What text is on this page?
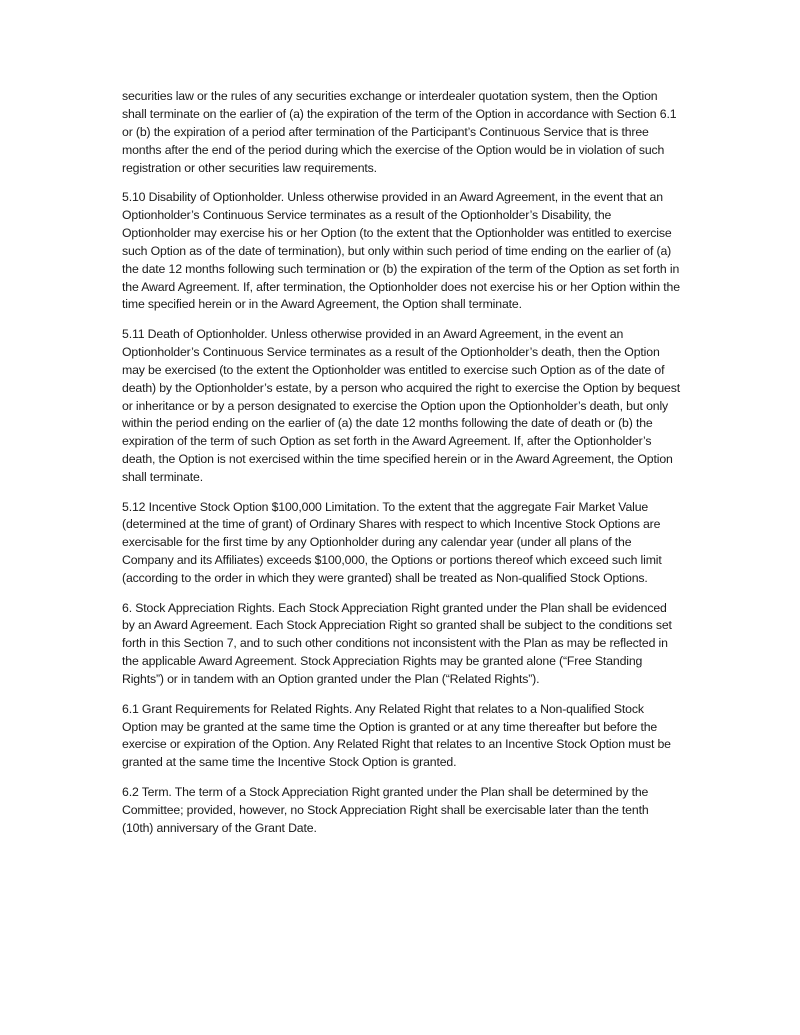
securities law or the rules of any securities exchange or interdealer quotation system, then the Option shall terminate on the earlier of (a) the expiration of the term of the Option in accordance with Section 6.1 or (b) the expiration of a period after termination of the Participant’s Continuous Service that is three months after the end of the period during which the exercise of the Option would be in violation of such registration or other securities law requirements.

5.10 Disability of Optionholder. Unless otherwise provided in an Award Agreement, in the event that an Optionholder’s Continuous Service terminates as a result of the Optionholder’s Disability, the Optionholder may exercise his or her Option (to the extent that the Optionholder was entitled to exercise such Option as of the date of termination), but only within such period of time ending on the earlier of (a) the date 12 months following such termination or (b) the expiration of the term of the Option as set forth in the Award Agreement. If, after termination, the Optionholder does not exercise his or her Option within the time specified herein or in the Award Agreement, the Option shall terminate.

5.11 Death of Optionholder. Unless otherwise provided in an Award Agreement, in the event an Optionholder’s Continuous Service terminates as a result of the Optionholder’s death, then the Option may be exercised (to the extent the Optionholder was entitled to exercise such Option as of the date of death) by the Optionholder’s estate, by a person who acquired the right to exercise the Option by bequest or inheritance or by a person designated to exercise the Option upon the Optionholder’s death, but only within the period ending on the earlier of (a) the date 12 months following the date of death or (b) the expiration of the term of such Option as set forth in the Award Agreement. If, after the Optionholder’s death, the Option is not exercised within the time specified herein or in the Award Agreement, the Option shall terminate.

5.12 Incentive Stock Option $100,000 Limitation. To the extent that the aggregate Fair Market Value (determined at the time of grant) of Ordinary Shares with respect to which Incentive Stock Options are exercisable for the first time by any Optionholder during any calendar year (under all plans of the Company and its Affiliates) exceeds $100,000, the Options or portions thereof which exceed such limit (according to the order in which they were granted) shall be treated as Non-qualified Stock Options.

6. Stock Appreciation Rights. Each Stock Appreciation Right granted under the Plan shall be evidenced by an Award Agreement. Each Stock Appreciation Right so granted shall be subject to the conditions set forth in this Section 7, and to such other conditions not inconsistent with the Plan as may be reflected in the applicable Award Agreement. Stock Appreciation Rights may be granted alone (“Free Standing Rights”) or in tandem with an Option granted under the Plan (“Related Rights”).

6.1 Grant Requirements for Related Rights. Any Related Right that relates to a Non-qualified Stock Option may be granted at the same time the Option is granted or at any time thereafter but before the exercise or expiration of the Option. Any Related Right that relates to an Incentive Stock Option must be granted at the same time the Incentive Stock Option is granted.

6.2 Term. The term of a Stock Appreciation Right granted under the Plan shall be determined by the Committee; provided, however, no Stock Appreciation Right shall be exercisable later than the tenth (10th) anniversary of the Grant Date.
